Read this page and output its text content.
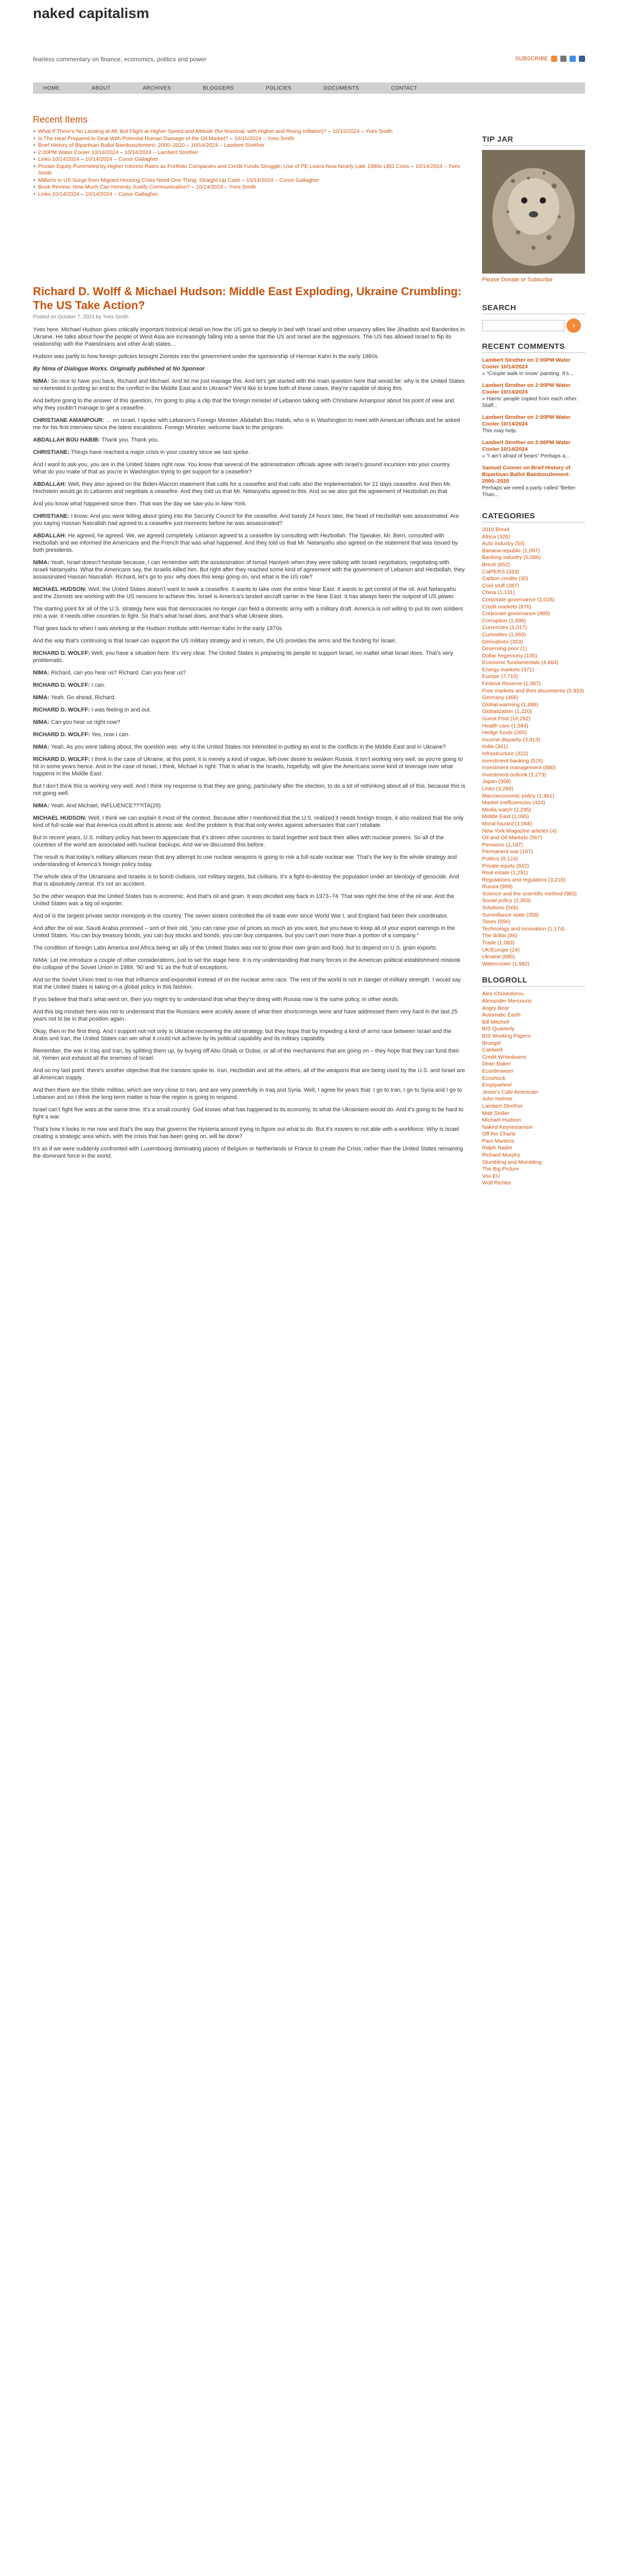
naked capitalism
fearless commentary on finance, economics, politics and power	SUBSCRIBE
HOME	ABOUT	ARCHIVES	BLOGGERS	POLICIES	DOCUMENTS	CONTACT
Recent Items
• What If There’s No Landing at All, But Flight at Higher Speed and Altitude (for Nominal, with Higher and Rising Inflation)? – 10/15/2024 – Yves Smith
• Is The Heat Prepared to Deal With Potential Human Damage of the Oil Market? – 10/15/2024 – Yves Smith
• Brief History of Bipartisan Ballot Bamboozlement: 2000–2020 – 10/14/2024 – Lambert Strether
• 2:00PM Water Cooler 10/14/2024 – 10/14/2024 – Lambert Strether
• Links 10/14/2024 – 10/14/2024 – Conor Gallagher
• Private Equity Pummeled by Higher Interest Rates as Portfolio Companies and Credit Funds Struggle; Use of PE Loans Now Nearly Late 1980s LBO Crisis – 10/14/2024 – Yves Smith
• Millions in US Surge from Migrant Housing Crisis Need One Thing: Straight Up Cash – 10/14/2024 – Conor Gallagher
• Book Review: How Much Can Honesty Justify Communication? – 10/14/2024 – Yves Smith
• Links 10/14/2024 – 10/14/2024 – Conor Gallagher
Richard D. Wolff & Michael Hudson: Middle East Exploding, Ukraine Crumbling: The US Take Action?
Posted on October 7, 2024 by Yves Smith

Yves here. Michael Hudson gives critically important historical detail on how the US got so deeply in bed with Israel and other unsavory allies like Jihadists and Banderites in Ukraine. He talks about how the people of West Asia are increasingly falling into a sense that the US and Israel are the aggressors. The US has allowed Israel to flip its relationship with the Palestinians and other Arab states…

Hudson was partly to how foreign policies brought Zionists into the government under the sponsorship of Herman Kahn in the early 1960s.

By Nima of Dialogue Works. Originally published at No Sponsor

NIMA: So nice to have you back, Richard and Michael. And let me just manage this. And let’s get started with the main question here that would be: why is the United States so interested in putting an end to the conflict in the Middle East and in Ukraine? We’d like to know both of these cases, they’re capable of doing this.

And before going to the answer of this question, I’m going to play a clip that the foreign minister of Lebanon talking with Christiane Amanpour about his point of view and why they couldn’t manage to get a ceasefire.

CHRISTIANE AMANPOUR: … on Israel, I spoke with Lebanon’s Foreign Minister, Abdallah Bou Habib, who is in Washington to meet with American officials and he asked me for his first interview since the latest escalations. Foreign Minister, welcome back to the program.

ABDALLAH BOU HABIB: Thank you. Thank you.

CHRISTIANE: Things have reached a major crisis in your country since we last spoke.

And I want to ask you, you are in the United States right now. You know that several of the administration officials agree with Israel’s ground incursion into your country. What do you make of that as you’re in Washington trying to get support for a ceasefire?

ABDALLAH: Well, they also agreed on the Biden-Macron statement that calls for a ceasefire and that calls also the implementation for 21 days ceasefire. And then Mr. Hochstein would go to Lebanon and negotiate a ceasefire. And they told us that Mr. Netanyahu agreed to this. And so we also got the agreement of Hezbollah on that.

And you know what happened since then. That was the day we saw you in New York.

CHRISTIANE: I know. And you were telling about going into the Security Council for the ceasefire. And barely 24 hours later, the head of Hezbollah was assassinated. Are you saying Hassan Nasrallah had agreed to a ceasefire just moments before he was assassinated?

ABDALLAH: He agreed, he agreed. We, we agreed completely. Lebanon agreed to a ceasefire by consulting with Hezbollah. The Speaker, Mr. Berri, consulted with Hezbollah and we informed the Americans and the French that was what happened. And they told us that Mr. Netanyahu also agreed on the statement that was issued by both presidents.

NIMA: Yeah, Israel doesn’t hesitate because, I can remember with the assassination of Ismail Haniyeh when they were talking with Israeli negotiators, negotiating with Israeli Netanyahu. What the Americans say, the Israelis killed him. But right after they reached some kind of agreement with the government of Lebanon and Hezbollah, they assassinated Hassan Nasrallah. Richard, let’s go to you: why does this keep going on, and what is the US role?

MICHAEL HUDSON: Well, the United States doesn’t want to seek a ceasefire. It wants to take over the entire Near East. It wants to get control of the oil. And Netanyahu and the Zionists are working with the US neocons to achieve this. Israel is America’s landed aircraft carrier in the Near East. It has always been the outpost of US power.

The starting point for all of the U.S. strategy here was that democracies no longer can field a domestic army with a military draft. America is not willing to put its own soldiers into a war. It needs other countries to fight. So that’s what Israel does, and that’s what Ukraine does.

That goes back to when I was working at the Hudson Institute with Herman Kahn in the early 1970s.

And the way that’s continuing is that Israel can support the US military strategy and in return, the US provides the arms and the funding for Israel.

RICHARD D. WOLFF: Well, you have a situation here. It’s very clear. The United States is preparing its people to support Israel, no matter what Israel does. That’s very problematic.

NIMA: Richard, can you hear us? Richard. Can you hear us?

RICHARD D. WOLFF: I can.

NIMA: Yeah. Go ahead, Richard.

RICHARD D. WOLFF: I was feeling in and out.

NIMA: Can you hear us right now?

RICHARD D. WOLFF: Yes, now I can.

NIMA: Yeah. As you were talking about, the question was: why is the United States not interested in putting an end to the conflicts in the Middle East and in Ukraine?

RICHARD D. WOLFF: I think in the case of Ukraine, at this point, it is merely a kind of vague, left-over desire to weaken Russia. It isn’t working very well, as you’re going to hit in some years hence. And in the case of Israel, I think, Michael is right. That is what is the Israelis, hopefully, will give the Americans some kind of leverage over what happens in the Middle East.

But I don’t think this is working very well. And I think my response is that they are going, particularly after the election, to do a lot of rethinking about all of this, because this is not going well.

NIMA: Yeah. And Michael, INFLUENCE???ITA(29)

MICHAEL HUDSON: Well, I think we can explain it most of the context. Because after I mentioned that the U.S. realized it needs foreign troops, it also realized that the only kind of full-scale war that America could afford is atomic war. And the problem is that that only works against adversaries that can’t retaliate.

But in recent years, U.S. military policy has been to appreciate that it’s driven other countries to band together and back their allies with nuclear powers. So all of the countries of the world are associated with nuclear backups. And we’ve discussed this before.

The result is that today’s military alliances mean that any attempt to use nuclear weapons is going to risk a full-scale nuclear war. That’s the key to the whole strategy and understanding of America’s foreign policy today.

The whole idea of the Ukrainians and Israelis is to bomb civilians, not military targets, but civilians. It’s a fight-to-destroy the population under an ideology of genocide. And that is absolutely central. It’s not an accident.

So the other weapon that the United States has is economic. And that’s oil and grain. It was decided way back in 1973–74. That was right the time of the oil war. And the United States was a big oil exporter.

And oil is the largest private sector monopoly in the country. The seven sisters controlled the oil trade ever since World War I, and England had been their coordinator.

And after the oil war, Saudi Arabia promised – sort of their old, “you can raise your oil prices as much as you want, but you have to keep all of your export earnings in the United States. You can buy treasury bonds, you can buy stocks and bonds, you can buy companies, but you can’t own more than a portion of a company.”

The condition of foreign Latin America and Africa being an ally of the United States was not to grow their own grain and food, but to depend on U.S. grain exports.

NIMA: Let me introduce a couple of other considerations, just to set the stage here. It is my understanding that many forces in the American political establishment mistook the collapse of the Soviet Union in 1989, ’90 and ’91 as the fruit of exceptions.

And so the Soviet Union tried to rise that influence and expanded instead of on the nuclear arms race. The rest of the world is not in danger of military strength. I would say that the United States is taking on a global policy in this fashion.

If you believe that that’s what went on, then you might try to understand that what they’re doing with Russia now is the same policy, in other words.

And this big mindset here was not to understand that the Russians were acutely aware of what their shortcomings were and have addressed them very hard in the last 25 years not to be in that position again.

Okay, then in the first thing. And I support not not only is Ukraine recovering the old strategy, but they hope that by impeding a kind of arms race between Israel and the Arabs and Iran, the United States can win what it could not achieve by its political capability and its military capability.

Remember, the war in Iraq and Iran, by splitting them up, by buying off Abu Ghaib or Dubai, or all of the mechanisms that are going on – they hope that they can fund their oil, Yemen and exhaust all the enemies of Israel.

And so my last point: there’s another objective that the Iranians spoke to. Iran, Hezbollah and all the others, all of the weapons that are being used by the U.S. and Israel are all American supply.

And then there are the Shiite militias, which are very close to Iran, and are very powerfully in Iraq and Syria. Well, I agree for years that: I go to Iran, I go to Syria and I go to Lebanon and so I think the long-term matter is how the region is going to respond.

Israel can’t fight five wars at the same time. It’s a small country. God knows what has happened to its economy, to what the Ukrainians would do. And it’s going to be hard to fight a war.

That’s how it looks to me now and that’s the way that governs the Hysteria around trying to figure out what to do. But it’s movers to not able with a workforce. Why is Israel creating a strategic area which, with the crisis that has been going on, will be done?

It’s as if we were suddenly confronted with Luxembourg dominating places of Belgium or Netherlands or France to create the Crisis; rather than the United States remaining the dominant force in the world.

TIP JAR
Please Donate or Subscribe
SEARCH
›
RECENT COMMENTS
Lambert Strether on 2:00PM Water Cooler 10/14/2024
» “Couple walk in snow’ painting. It’s...
Lambert Strether on 2:00PM Water Cooler 10/14/2024
» Harris’ people copied from each other. Staff...
Lambert Strether on 2:00PM Water Cooler 10/14/2024
This may help.
Lambert Strether on 2:00PM Water Cooler 10/14/2024
» “I ain’t afraid of bears” Perhaps a...
Samuel Conner on Brief History of Bipartisan Ballot Bamboozlement: 2000–2020
Perhaps we need a party called “Better Than...
CATEGORIES
2016 Brexit
Africa (326)
Auto industry (54)
Banana republic (1,097)
Banking industry (5,086)
Brexit (852)
CalPERS (333)
Carbon credits (30)
Cool stuff (287)
China (1,131)
Corporate governance (1,026)
Credit markets (876)
Corporate governance (989)
Corruption (1,696)
Currencies (1,017)
Curiosities (1,093)
Derivatives (353)
Deserving poor (1)
Dollar hegemony (135)
Economic fundamentals (4,664)
Energy markets (371)
Europe (7,710)
Federal Reserve (1,387)
Free markets and their discontents (5,933)
Germany (466)
Global warming (1,886)
Globalization (1,220)
Guest Post (16,292)
Health care (1,584)
Hedge funds (265)
Income disparity (3,913)
India (341)
Infrastructure (322)
Investment banking (526)
Investment management (880)
Investment outlook (1,273)
Japan (358)
Links (3,289)
Macroeconomic policy (1,461)
Market inefficiencies (424)
Media watch (2,295)
Middle East (1,095)
Moral hazard (1,068)
New York Magazine articles (4)
Oil and Oil Markets (567)
Pensions (1,187)
Permanent war (187)
Politics (9,124)
Private equity (842)
Real estate (1,291)
Regulations and regulators (3,218)
Russia (999)
Science and the scientific method (983)
Social policy (2,393)
Solutions (566)
Surveillance state (358)
Taxes (556)
Technology and innovation (1,174)
The dollar (86)
Trade (1,083)
UK/Europe (24)
Ukraine (686)
Watercooler (1,982)
BLOGROLL
Alex Christoforou
Alexander Mercouris
Angry Bear
Automatic Earth
Bill Mitchell
BIS Quarterly
BIS Working Papers
Bruegel
Caldwell
Credit Writedowns
Dean Baker
Econbrowser
Ecoshock
Emptywheel
Jesse’s Cafe Americain
John Helmer
Lambert Strether
Matt Stoller
Michael Hudson
Naked Keynesianism
Off the Charts
Pam Martens
Ralph Nader
Richard Murphy
Stumbling and Mumbling
The Big Picture
Vox EU
Wolf Richter
